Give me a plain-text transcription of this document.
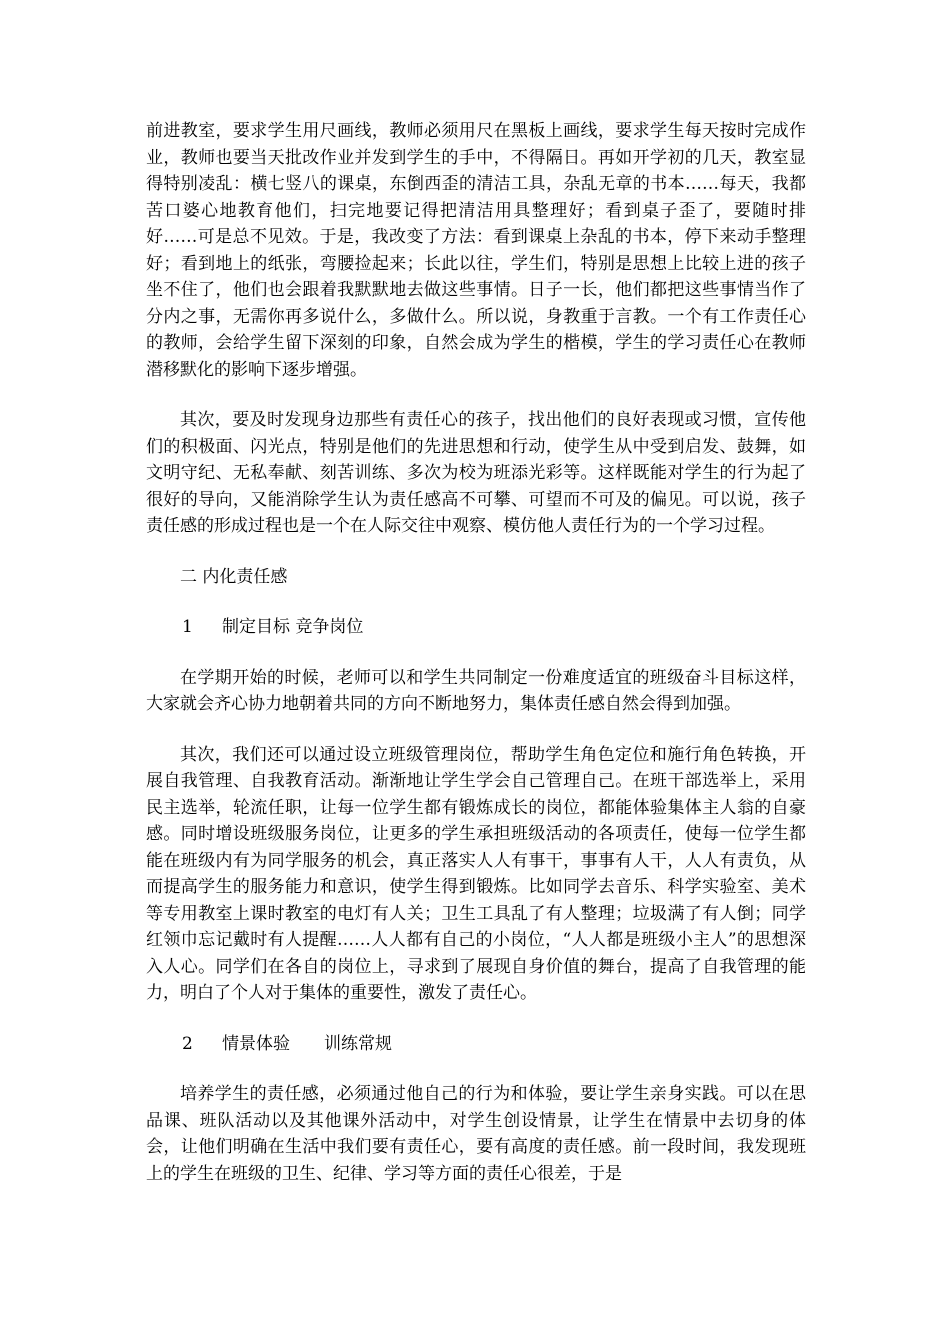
前进教室，要求学生用尺画线，教师必须用尺在黑板上画线，要求学生每天按时完成作业，教师也要当天批改作业并发到学生的手中，不得隔日。再如开学初的几天，教室显得特别凌乱：横七竖八的课桌，东倒西歪的清洁工具，杂乱无章的书本……每天，我都苦口婆心地教育他们，扫完地要记得把清洁用具整理好；看到桌子歪了，要随时排好……可是总不见效。于是，我改变了方法：看到课桌上杂乱的书本，停下来动手整理好；看到地上的纸张，弯腰捡起来；长此以往，学生们，特别是思想上比较上进的孩子坐不住了，他们也会跟着我默默地去做这些事情。日子一长，他们都把这些事情当作了分内之事，无需你再多说什么，多做什么。所以说，身教重于言教。一个有工作责任心的教师，会给学生留下深刻的印象，自然会成为学生的楷模，学生的学习责任心在教师潜移默化的影响下逐步增强。

其次，要及时发现身边那些有责任心的孩子，找出他们的良好表现或习惯，宣传他们的积极面、闪光点，特别是他们的先进思想和行动，使学生从中受到启发、鼓舞，如文明守纪、无私奉献、刻苦训练、多次为校为班添光彩等。这样既能对学生的行为起了很好的导向，又能消除学生认为责任感高不可攀、可望而不可及的偏见。可以说，孩子责任感的形成过程也是一个在人际交往中观察、模仿他人责任行为的一个学习过程。

二 内化责任感

1 制定目标 竞争岗位

在学期开始的时候，老师可以和学生共同制定一份难度适宜的班级奋斗目标这样，大家就会齐心协力地朝着共同的方向不断地努力，集体责任感自然会得到加强。

其次，我们还可以通过设立班级管理岗位，帮助学生角色定位和施行角色转换，开展自我管理、自我教育活动。渐渐地让学生学会自己管理自己。在班干部选举上，采用民主选举，轮流任职，让每一位学生都有锻炼成长的岗位，都能体验集体主人翁的自豪感。同时增设班级服务岗位，让更多的学生承担班级活动的各项责任，使每一位学生都能在班级内有为同学服务的机会，真正落实人人有事干，事事有人干，人人有责负，从而提高学生的服务能力和意识，使学生得到锻炼。比如同学去音乐、科学实验室、美术等专用教室上课时教室的电灯有人关；卫生工具乱了有人整理；垃圾满了有人倒；同学红领巾忘记戴时有人提醒……人人都有自己的小岗位，“人人都是班级小主人”的思想深入人心。同学们在各自的岗位上，寻求到了展现自身价值的舞台，提高了自我管理的能力，明白了个人对于集体的重要性，激发了责任心。

2 情景体验 训练常规

培养学生的责任感，必须通过他自己的行为和体验，要让学生亲身实践。可以在思品课、班队活动以及其他课外活动中，对学生创设情景，让学生在情景中去切身的体会，让他们明确在生活中我们要有责任心，要有高度的责任感。前一段时间，我发现班上的学生在班级的卫生、纪律、学习等方面的责任心很差，于是
